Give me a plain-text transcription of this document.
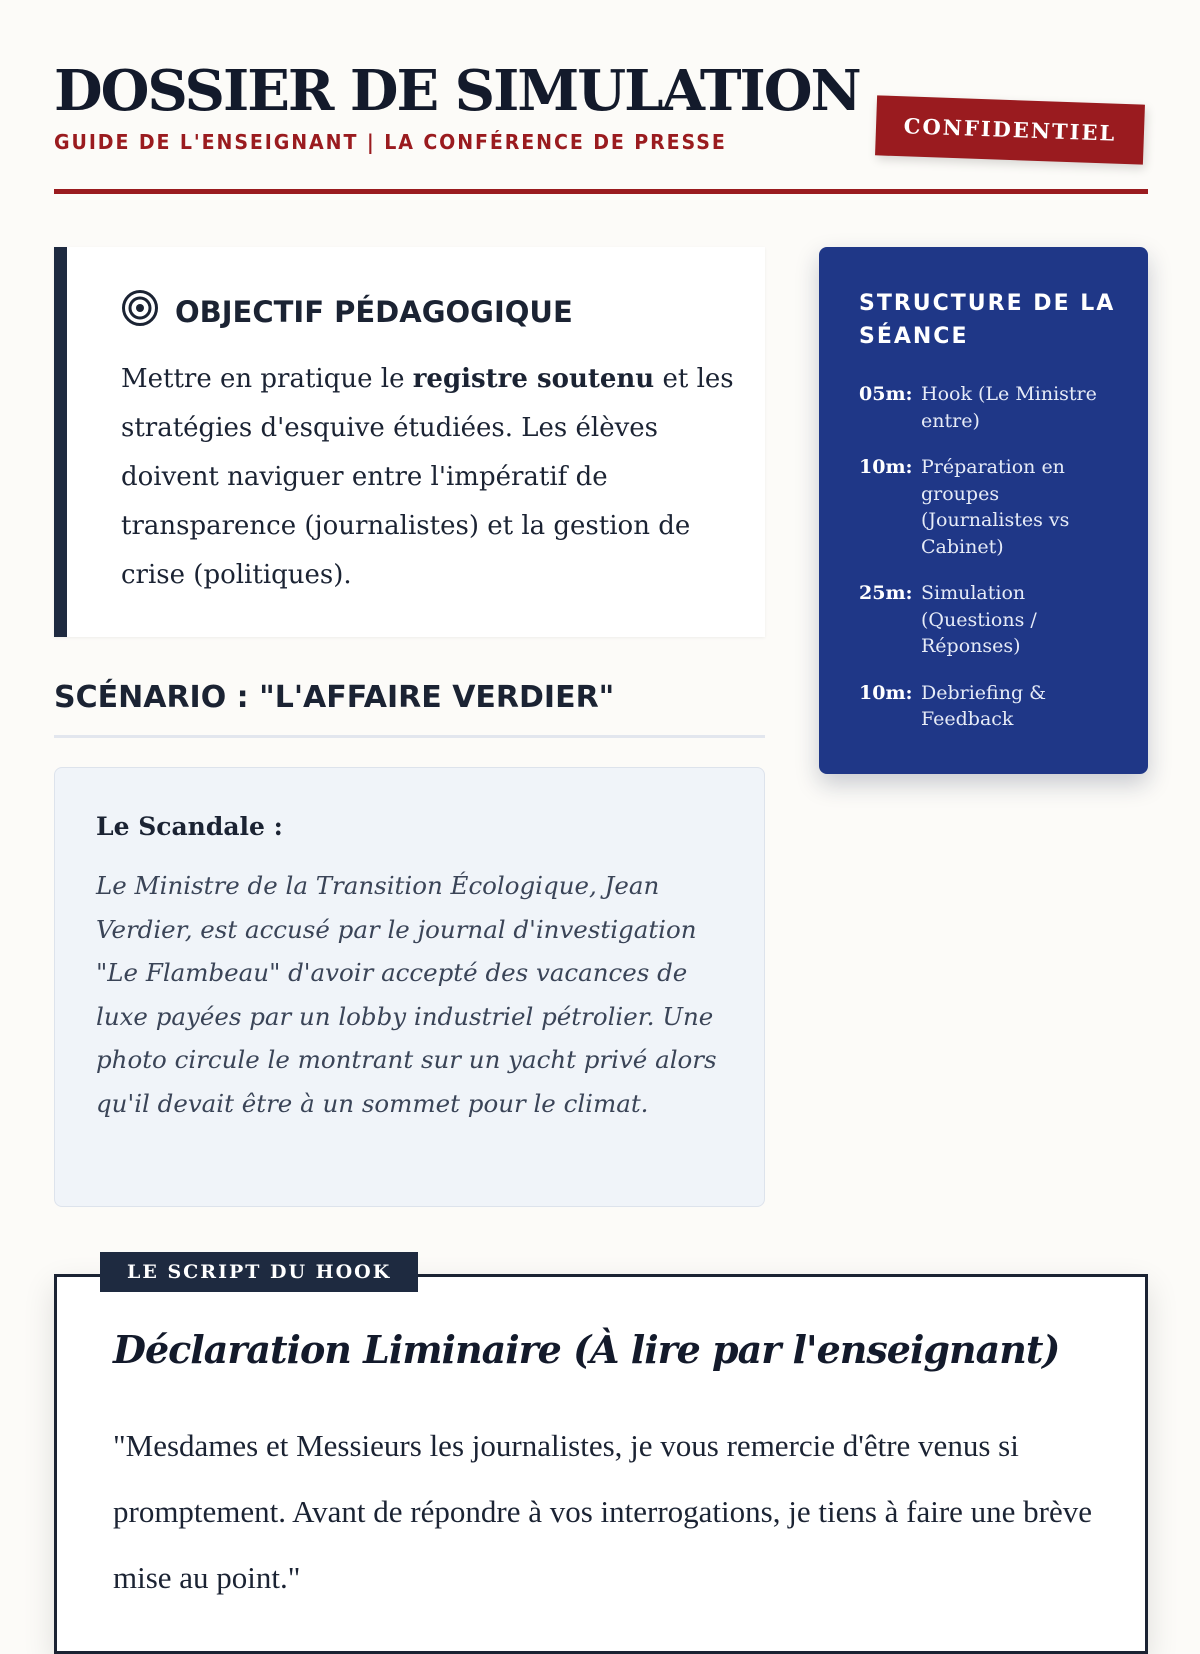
DOSSIER DE SIMULATION

GUIDE DE L'ENSEIGNANT | LA CONFÉRENCE DE PRESSE	CONFIDENTIEL
OBJECTIF PÉDAGOGIQUE

Mettre en pratique le registre soutenu et les stratégies d'esquive étudiées. Les élèves doivent naviguer entre l'impératif de transparence (journalistes) et la gestion de crise (politiques).

SCÉNARIO : "L'AFFAIRE VERDIER"

Le Scandale :

Le Ministre de la Transition Écologique, Jean Verdier, est accusé par le journal d'investigation "Le Flambeau" d'avoir accepté des vacances de luxe payées par un lobby industriel pétrolier. Une photo circule le montrant sur un yacht privé alors qu'il devait être à un sommet pour le climat.

STRUCTURE DE LA SÉANCE
05m: Hook (Le Ministre entre)
10m: Préparation en groupes (Journalistes vs Cabinet)
25m: Simulation (Questions / Réponses)
10m: Debriefing & Feedback
LE SCRIPT DU HOOK
Déclaration Liminaire (À lire par l'enseignant)

"Mesdames et Messieurs les journalistes, je vous remercie d'être venus si promptement. Avant de répondre à vos interrogations, je tiens à faire une brève mise au point."
